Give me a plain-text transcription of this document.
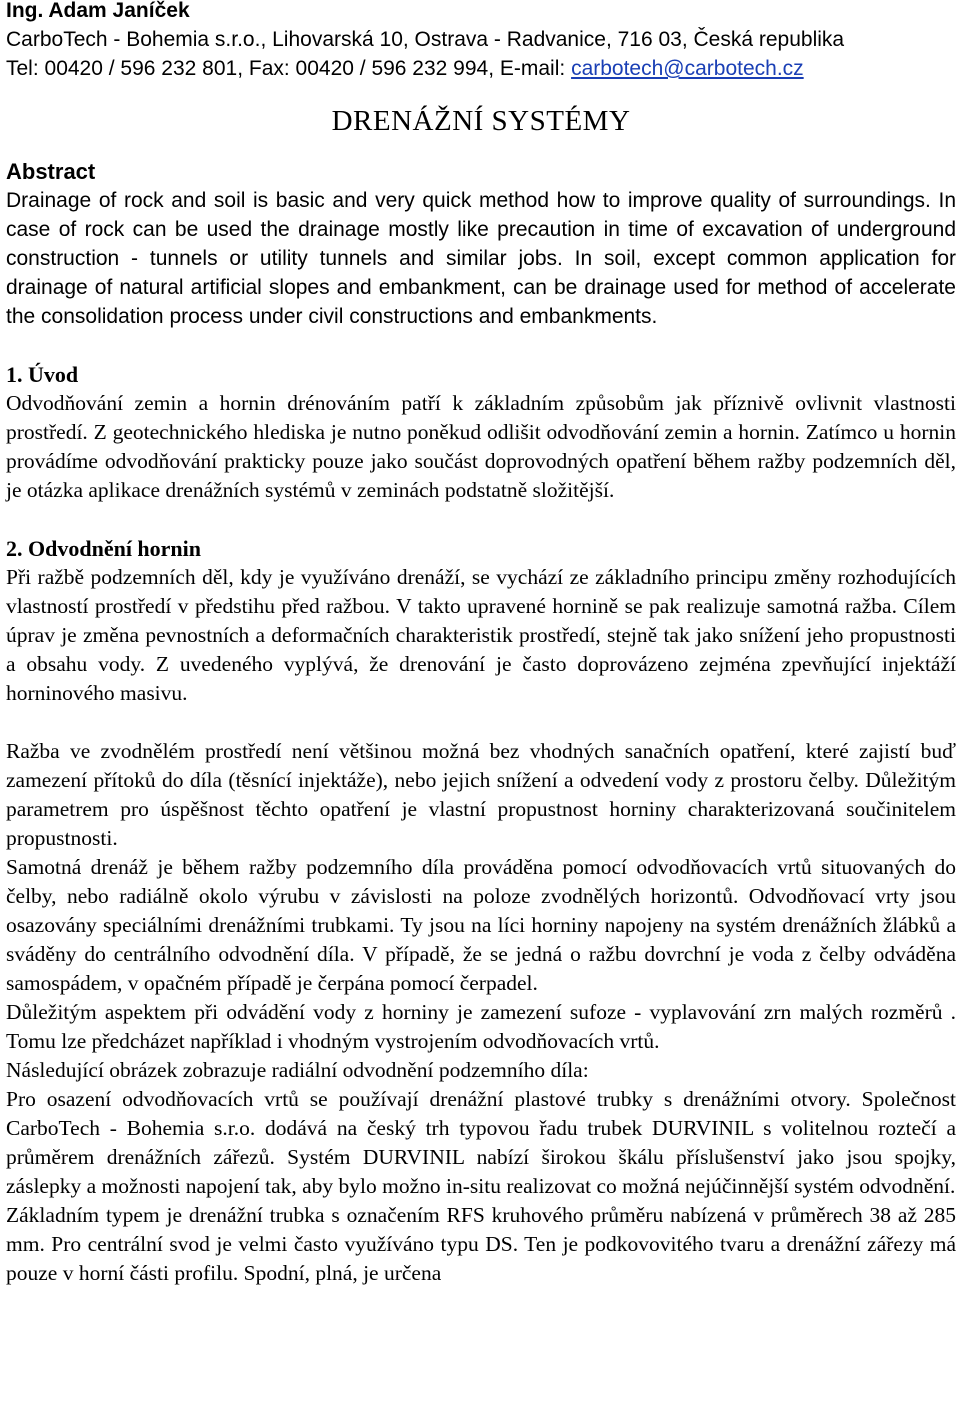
Ing. Adam Janíček
CarboTech - Bohemia s.r.o., Lihovarská 10, Ostrava - Radvanice, 716 03, Česká republika
Tel: 00420 / 596 232 801, Fax: 00420 / 596 232 994, E-mail: carbotech@carbotech.cz
DRENÁŽNÍ SYSTÉMY
Abstract

Drainage of rock and soil is basic and very quick method how to improve quality of surroundings. In case of rock can be used the drainage mostly like precaution in time of excavation of underground construction - tunnels or utility tunnels and similar jobs. In soil, except common application for drainage of natural artificial slopes and embankment, can be drainage used for method of accelerate the consolidation process under civil constructions and embankments.

1. Úvod

Odvodňování zemin a hornin drénováním patří k základním způsobům jak příznivě ovlivnit vlastnosti prostředí. Z geotechnického hlediska je nutno poněkud odlišit odvodňování zemin a hornin. Zatímco u hornin provádíme odvodňování prakticky pouze jako součást doprovodných opatření během ražby podzemních děl, je otázka aplikace drenážních systémů v zeminách podstatně složitější.

2. Odvodnění hornin

Při ražbě podzemních děl, kdy je využíváno drenáží, se vychází ze základního principu změny rozhodujících vlastností prostředí v předstihu před ražbou. V takto upravené hornině se pak realizuje samotná ražba. Cílem úprav je změna pevnostních a deformačních charakteristik prostředí, stejně tak jako snížení jeho propustnosti a obsahu vody. Z uvedeného vyplývá, že drenování je často doprovázeno zejména zpevňující injektáží horninového masivu.

Ražba ve zvodnělém prostředí není většinou možná bez vhodných sanačních opatření, které zajistí buď zamezení přítoků do díla (těsnící injektáže), nebo jejich snížení a odvedení vody z prostoru čelby. Důležitým parametrem pro úspěšnost těchto opatření je vlastní propustnost horniny charakterizovaná součinitelem propustnosti.

Samotná drenáž je během ražby podzemního díla prováděna pomocí odvodňovacích vrtů situovaných do čelby, nebo radiálně okolo výrubu v závislosti na poloze zvodnělých horizontů. Odvodňovací vrty jsou osazovány speciálními drenážními trubkami. Ty jsou na líci horniny napojeny na systém drenážních žlábků a sváděny do centrálního odvodnění díla. V případě, že se jedná o ražbu dovrchní je voda z čelby odváděna samospádem, v opačném případě je čerpána pomocí čerpadel.

Důležitým aspektem při odvádění vody z horniny je zamezení sufoze - vyplavování zrn malých rozměrů . Tomu lze předcházet například i vhodným vystrojením odvodňovacích vrtů.

Následující obrázek zobrazuje radiální odvodnění podzemního díla:

Pro osazení odvodňovacích vrtů se používají drenážní plastové trubky s drenážními otvory. Společnost CarboTech - Bohemia s.r.o. dodává na český trh typovou řadu trubek DURVINIL s volitelnou roztečí a průměrem drenážních zářezů. Systém DURVINIL nabízí širokou škálu příslušenství jako jsou spojky, záslepky a možnosti napojení tak, aby bylo možno in-situ realizovat co možná nejúčinnější systém odvodnění.

Základním typem je drenážní trubka s označením RFS kruhového průměru nabízená v průměrech 38 až 285 mm. Pro centrální svod je velmi často využíváno typu DS. Ten je podkovovitého tvaru a drenážní zářezy má pouze v horní části profilu. Spodní, plná, je určena
